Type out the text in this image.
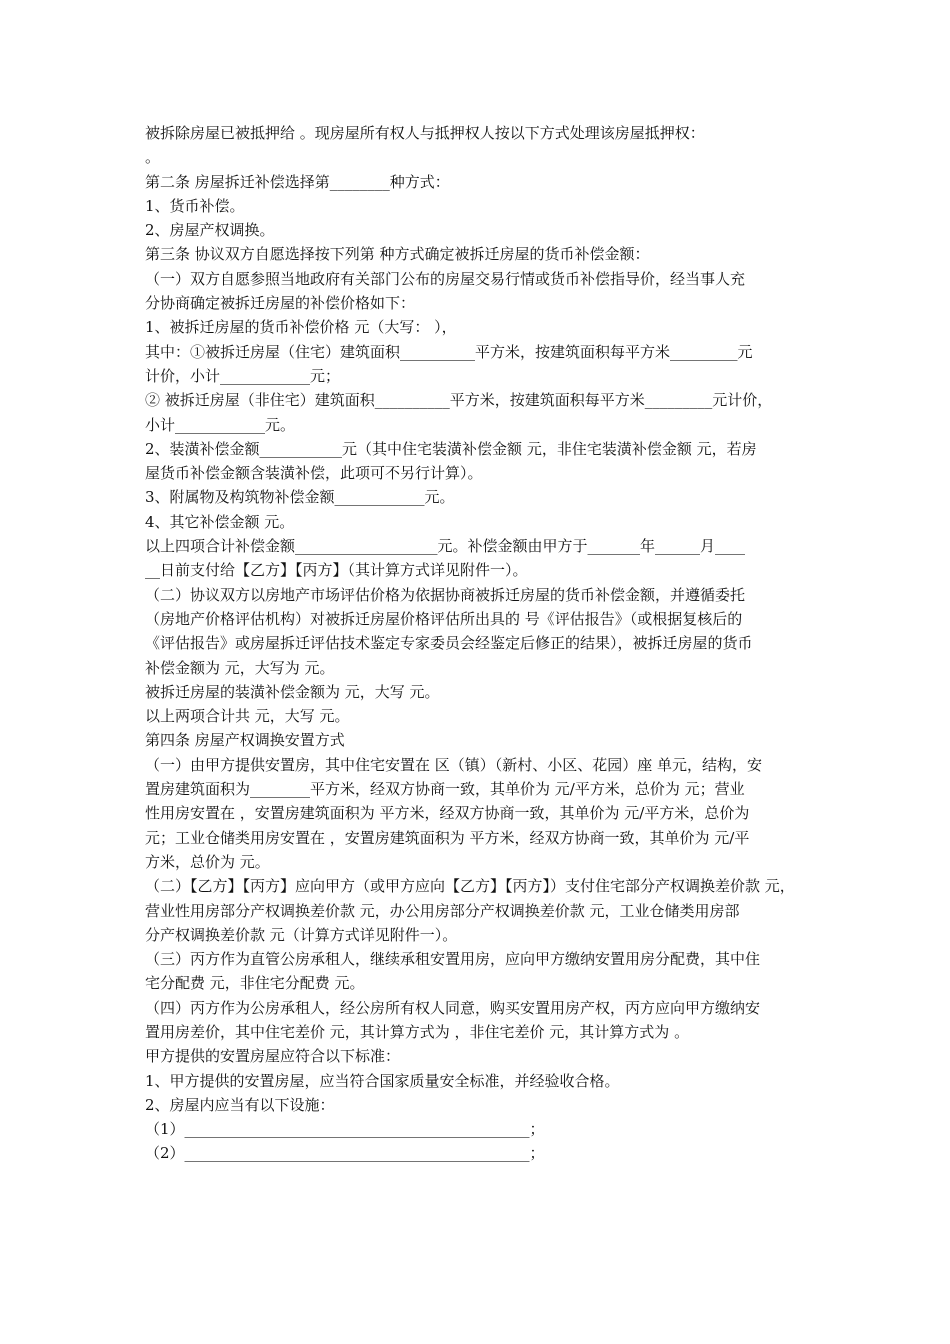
被拆除房屋已被抵押给 。现房屋所有权人与抵押权人按以下方式处理该房屋抵押权：
。
第二条 房屋拆迁补偿选择第________种方式：
1、货币补偿。
2、房屋产权调换。
第三条 协议双方自愿选择按下列第 种方式确定被拆迁房屋的货币补偿金额：
（一）双方自愿参照当地政府有关部门公布的房屋交易行情或货币补偿指导价，经当事人充
分协商确定被拆迁房屋的补偿价格如下：
1、被拆迁房屋的货币补偿价格 元（大写： ），
其中：①被拆迁房屋（住宅）建筑面积__________平方米，按建筑面积每平方米_________元
计价，小计____________元；
② 被拆迁房屋（非住宅）建筑面积__________平方米，按建筑面积每平方米_________元计价，
小计____________元。
2、装潢补偿金额___________元（其中住宅装潢补偿金额 元，非住宅装潢补偿金额 元，若房
屋货币补偿金额含装潢补偿，此项可不另行计算）。
3、附属物及构筑物补偿金额____________元。
4、其它补偿金额 元。
以上四项合计补偿金额___________________元。补偿金额由甲方于_______年______月____
__日前支付给【乙方】【丙方】（其计算方式详见附件一）。
（二）协议双方以房地产市场评估价格为依据协商被拆迁房屋的货币补偿金额，并遵循委托
（房地产价格评估机构）对被拆迁房屋价格评估所出具的 号《评估报告》（或根据复核后的
《评估报告》或房屋拆迁评估技术鉴定专家委员会经鉴定后修正的结果），被拆迁房屋的货币
补偿金额为 元，大写为 元。
被拆迁房屋的装潢补偿金额为 元，大写 元。
以上两项合计共 元，大写 元。
第四条 房屋产权调换安置方式
（一）由甲方提供安置房，其中住宅安置在 区（镇）（新村、小区、花园）座 单元，结构，安
置房建筑面积为________平方米，经双方协商一致，其单价为 元/平方米，总价为 元；营业
性用房安置在 ，安置房建筑面积为 平方米，经双方协商一致，其单价为 元/平方米，总价为
元；工业仓储类用房安置在 ，安置房建筑面积为 平方米，经双方协商一致，其单价为 元/平
方米，总价为 元。
（二）【乙方】【丙方】应向甲方（或甲方应向【乙方】【丙方】）支付住宅部分产权调换差价款 元，
营业性用房部分产权调换差价款 元，办公用房部分产权调换差价款 元，工业仓储类用房部
分产权调换差价款 元（计算方式详见附件一）。
（三）丙方作为直管公房承租人，继续承租安置用房，应向甲方缴纳安置用房分配费，其中住
宅分配费 元，非住宅分配费 元。
（四）丙方作为公房承租人，经公房所有权人同意，购买安置用房产权，丙方应向甲方缴纳安
置用房差价，其中住宅差价 元，其计算方式为 ，非住宅差价 元，其计算方式为 。
甲方提供的安置房屋应符合以下标准：
1、甲方提供的安置房屋，应当符合国家质量安全标准，并经验收合格。
2、房屋内应当有以下设施：
（1）______________________________________________；
（2）______________________________________________；
